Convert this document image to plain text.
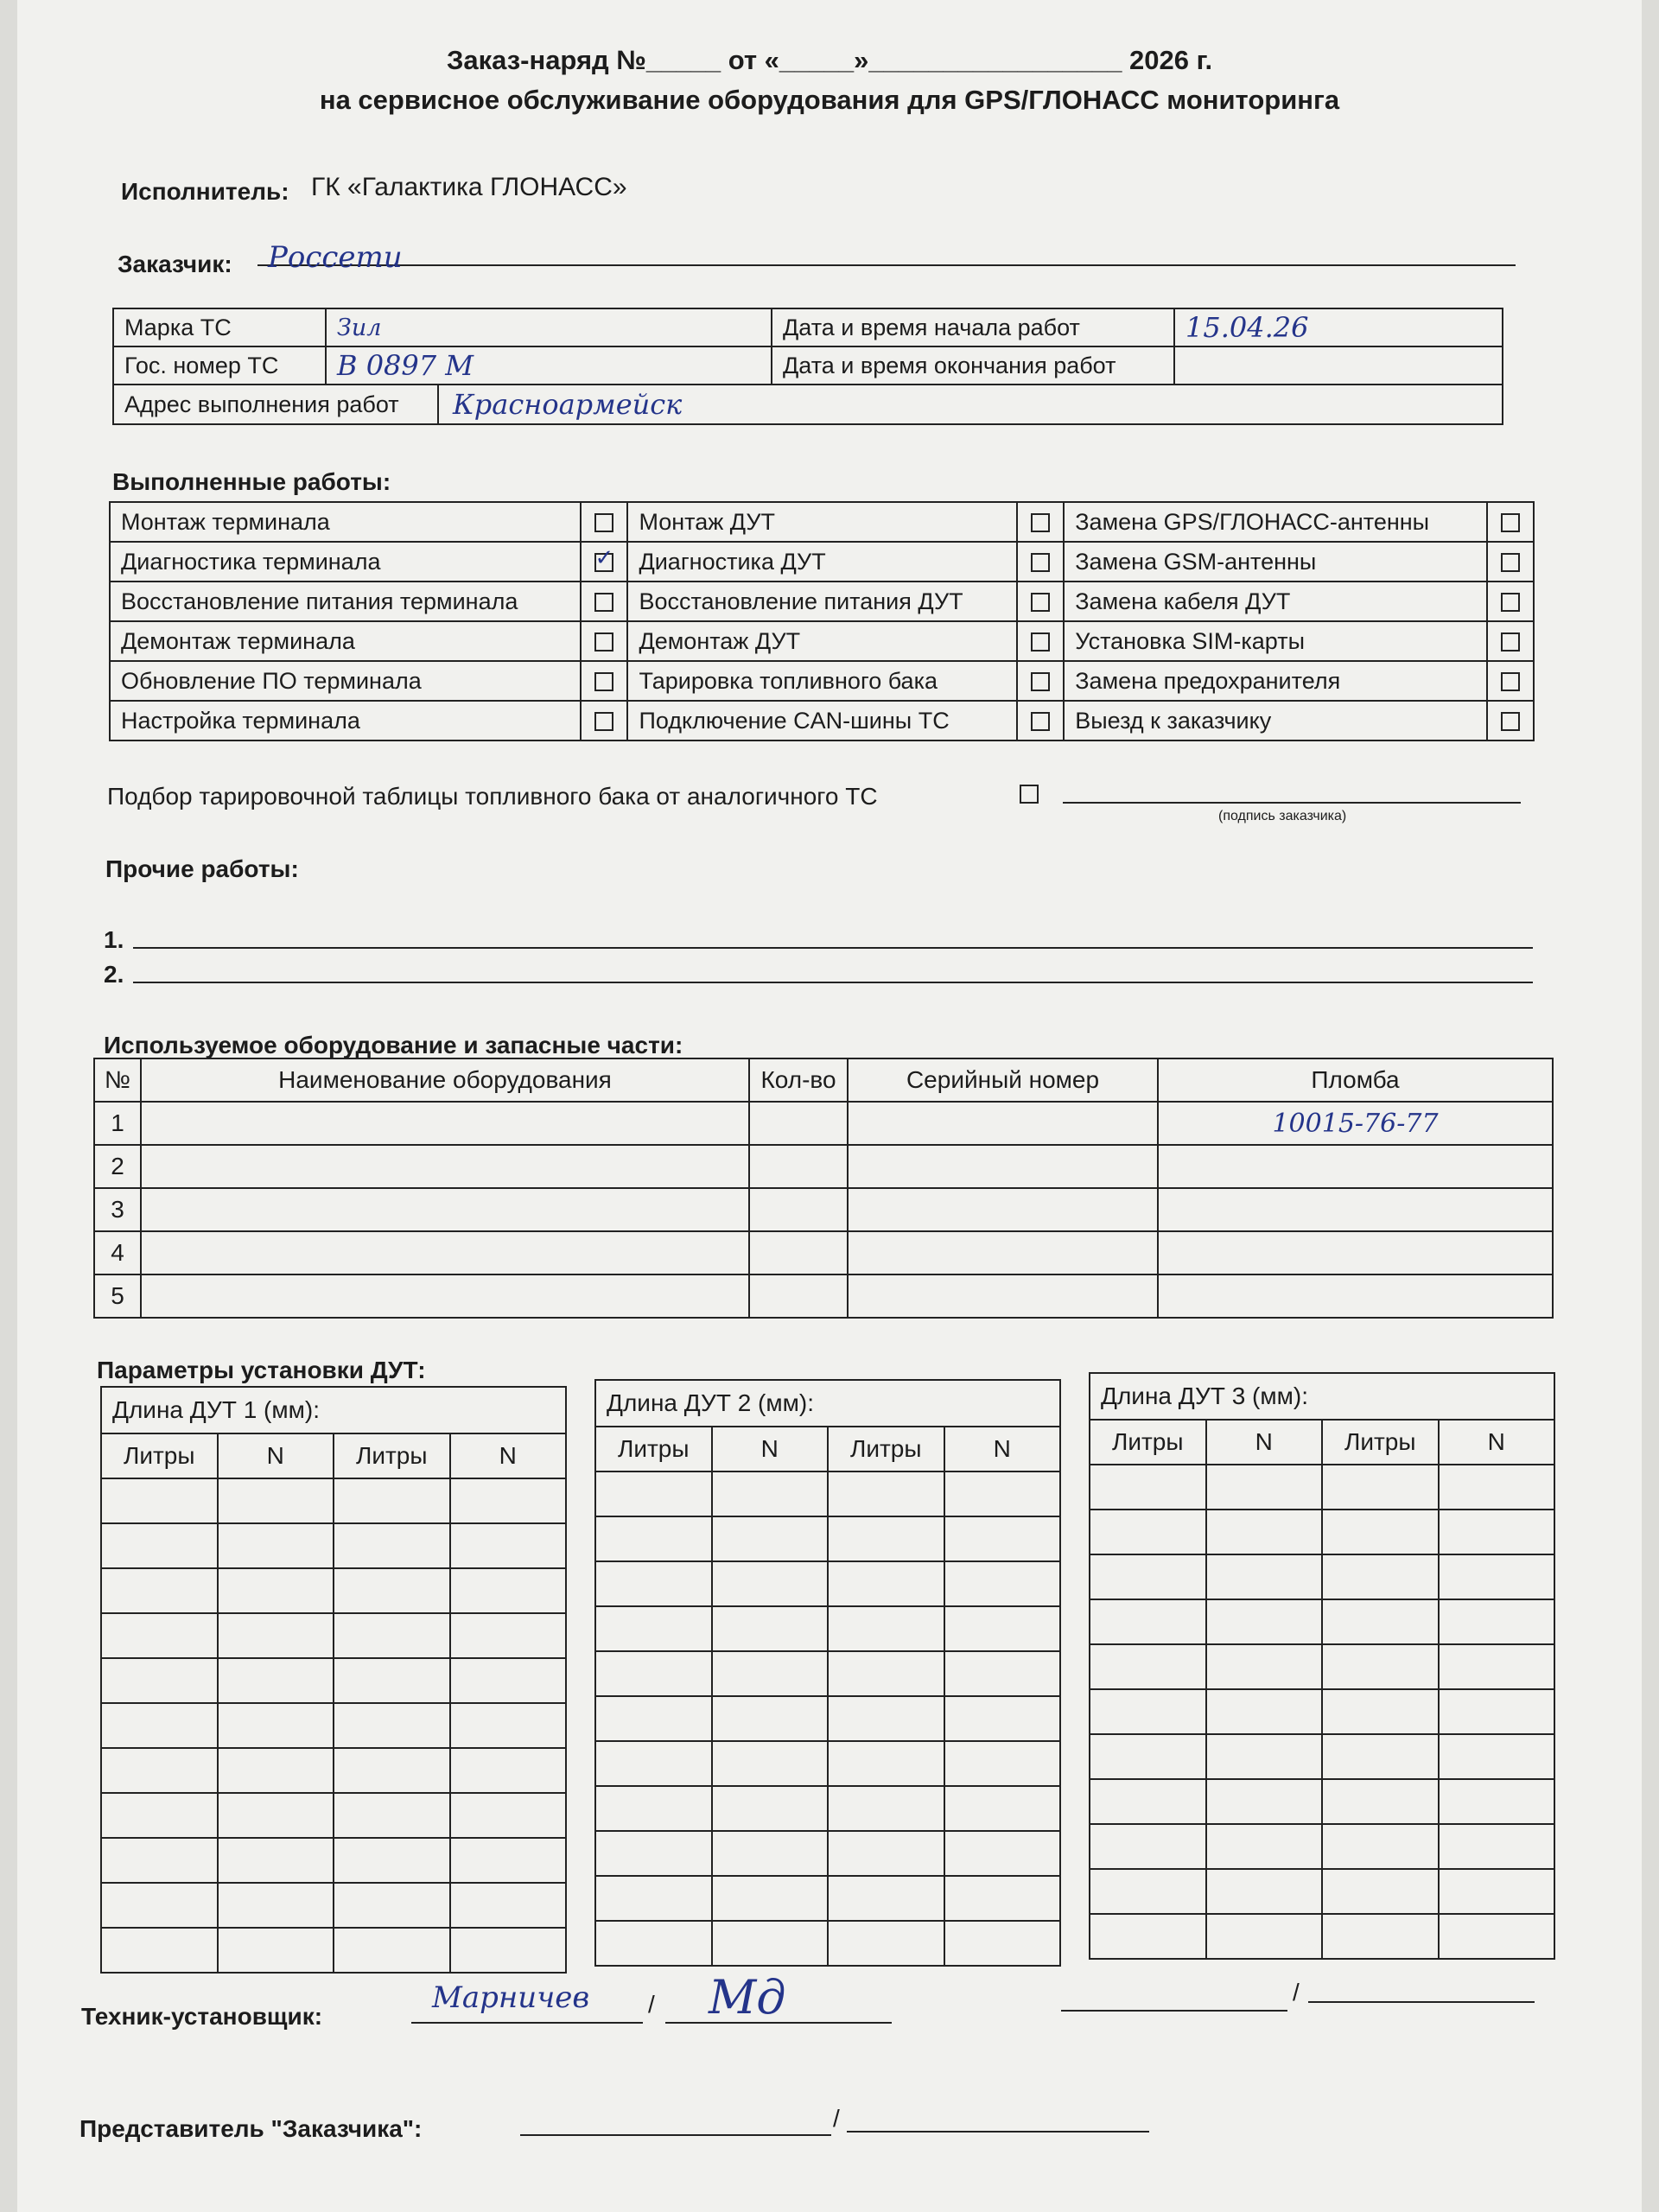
Заказ-наряд №_____ от «_____»_________________ 2026 г.
на сервисное обслуживание оборудования для GPS/ГЛОНАСС мониторинга
Исполнитель: ГК «Галактика ГЛОНАСС»
Заказчик: Россети
Марка ТС	Зил	Дата и время начала работ	15.04.26
Гос. номер ТС	В 0897 М	Дата и время окончания работ	

Адрес выполнения работ Красноармейск			
Выполненные работы:
Монтаж терминала		Монтаж ДУТ		Замена GPS/ГЛОНАСС-антенны	
Диагностика терминала	✓	Диагностика ДУТ		Замена GSM-антенны	
Восстановление питания терминала		Восстановление питания ДУТ		Замена кабеля ДУТ	
Демонтаж терминала		Демонтаж ДУТ		Установка SIM-карты	
Обновление ПО терминала		Тарировка топливного бака		Замена предохранителя	
Настройка терминала		Подключение CAN-шины ТС		Выезд к заказчику	
Подбор тарировочной таблицы топливного бака от аналогичного ТС
(подпись заказчика)
Прочие работы:
1.
2.
Используемое оборудование и запасные части:
№	Наименование оборудования	Кол-во	Серийный номер	Пломба
1				10015-76-77
2				
3				
4				
5				
Параметры установки ДУТ:
Длина ДУТ 1 (мм):
Литры	N	Литры	N

Длина ДУТ 2 (мм):
Литры	N	Литры	N

Длина ДУТ 3 (мм):
Литры	N	Литры	N

Техник-установщик:
Марничев / Мд	/
Представитель "Заказчика":	/
